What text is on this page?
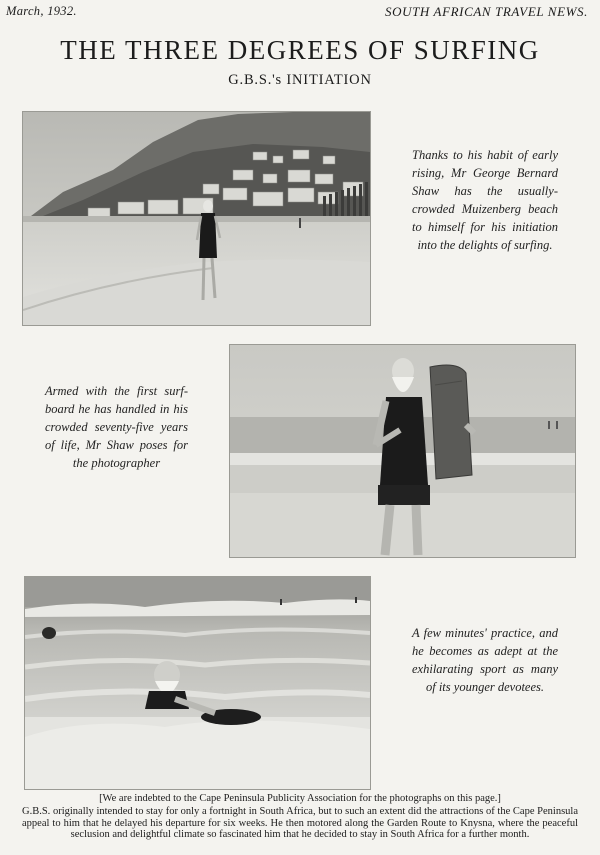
March, 1932.	SOUTH AFRICAN TRAVEL NEWS.
THE THREE DEGREES OF SURFING
G.B.S.'s INITIATION
Thanks to his habit of early rising, Mr George Bernard Shaw has the usually-crowded Muizenberg beach to himself for his initiation into the delights of surfing.
Armed with the first surf-board he has handled in his crowded seventy-five years of life, Mr Shaw poses for the photographer
A few minutes' practice, and he becomes as adept at the exhilarating sport as many of its younger devotees.
[We are indebted to the Cape Peninsula Publicity Association for the photographs on this page.]
G.B.S. originally intended to stay for only a fortnight in South Africa, but to such an extent did the attractions of the Cape Peninsula appeal to him that he delayed his departure for six weeks. He then motored along the Garden Route to Knysna, where the peaceful seclusion and delightful climate so fascinated him that he decided to stay in South Africa for a further month.
